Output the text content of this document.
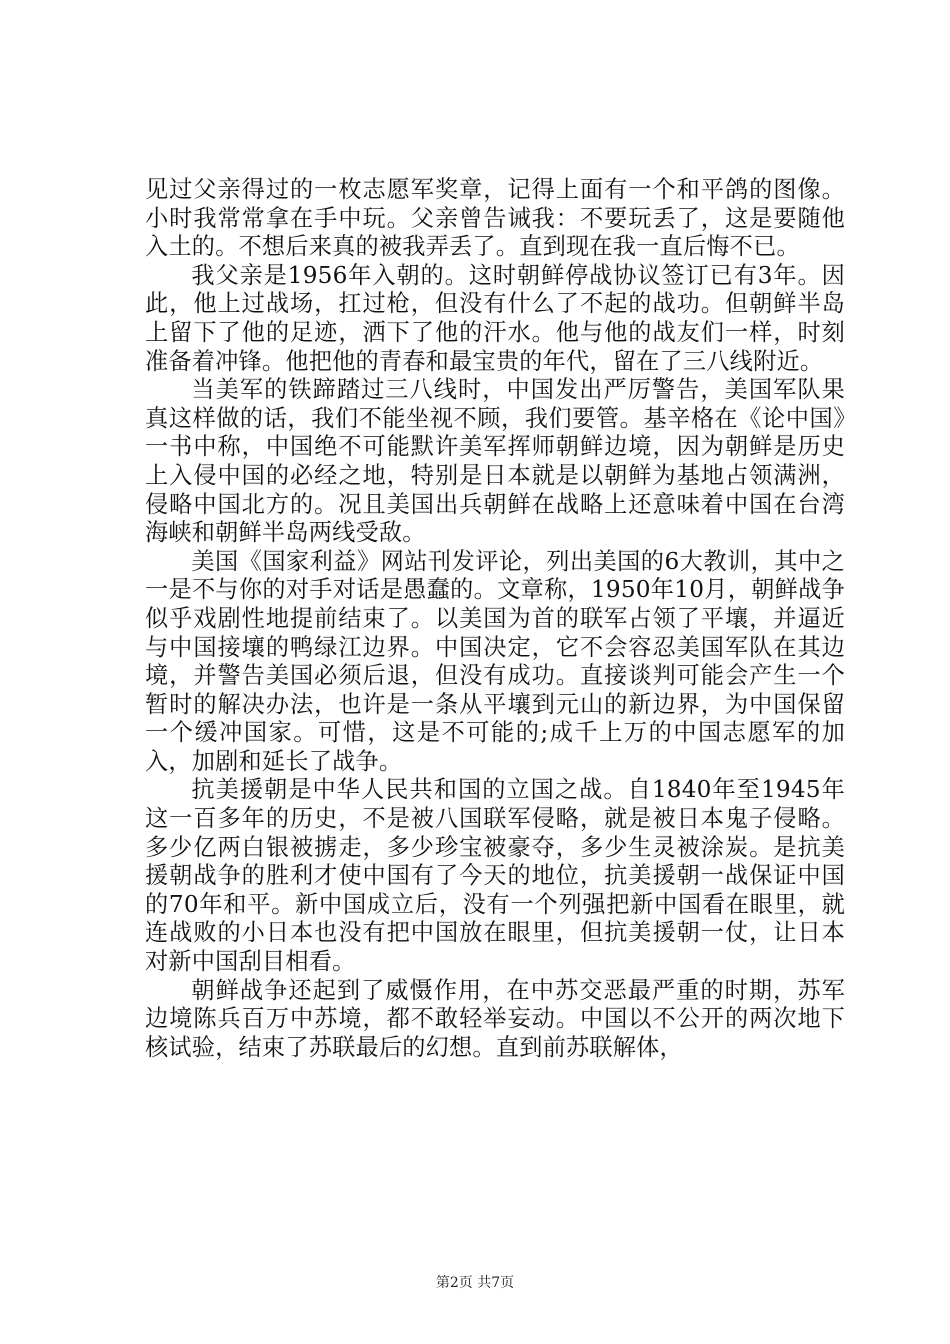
见过父亲得过的一枚志愿军奖章，记得上面有一个和平鸽的图像。小时我常常拿在手中玩。父亲曾告诫我：不要玩丢了，这是要随他入土的。不想后来真的被我弄丢了。直到现在我一直后悔不已。

我父亲是1956年入朝的。这时朝鲜停战协议签订已有3年。因此，他上过战场，扛过枪，但没有什么了不起的战功。但朝鲜半岛上留下了他的足迹，洒下了他的汗水。他与他的战友们一样，时刻准备着冲锋。他把他的青春和最宝贵的年代，留在了三八线附近。

当美军的铁蹄踏过三八线时，中国发出严厉警告，美国军队果真这样做的话，我们不能坐视不顾，我们要管。基辛格在《论中国》一书中称，中国绝不可能默许美军挥师朝鲜边境，因为朝鲜是历史上入侵中国的必经之地，特别是日本就是以朝鲜为基地占领满洲，侵略中国北方的。况且美国出兵朝鲜在战略上还意味着中国在台湾海峡和朝鲜半岛两线受敌。

美国《国家利益》网站刊发评论，列出美国的6大教训，其中之一是不与你的对手对话是愚蠢的。文章称，1950年10月，朝鲜战争似乎戏剧性地提前结束了。以美国为首的联军占领了平壤，并逼近与中国接壤的鸭绿江边界。中国决定，它不会容忍美国军队在其边境，并警告美国必须后退，但没有成功。直接谈判可能会产生一个暂时的解决办法，也许是一条从平壤到元山的新边界，为中国保留一个缓冲国家。可惜，这是不可能的;成千上万的中国志愿军的加入，加剧和延长了战争。

抗美援朝是中华人民共和国的立国之战。自1840年至1945年这一百多年的历史，不是被八国联军侵略，就是被日本鬼子侵略。多少亿两白银被掳走，多少珍宝被豪夺，多少生灵被涂炭。是抗美援朝战争的胜利才使中国有了今天的地位，抗美援朝一战保证中国的70年和平。新中国成立后，没有一个列强把新中国看在眼里，就连战败的小日本也没有把中国放在眼里，但抗美援朝一仗，让日本对新中国刮目相看。

朝鲜战争还起到了威慑作用，在中苏交恶最严重的时期，苏军边境陈兵百万中苏境，都不敢轻举妄动。中国以不公开的两次地下核试验，结束了苏联最后的幻想。直到前苏联解体，

第2页 共7页
